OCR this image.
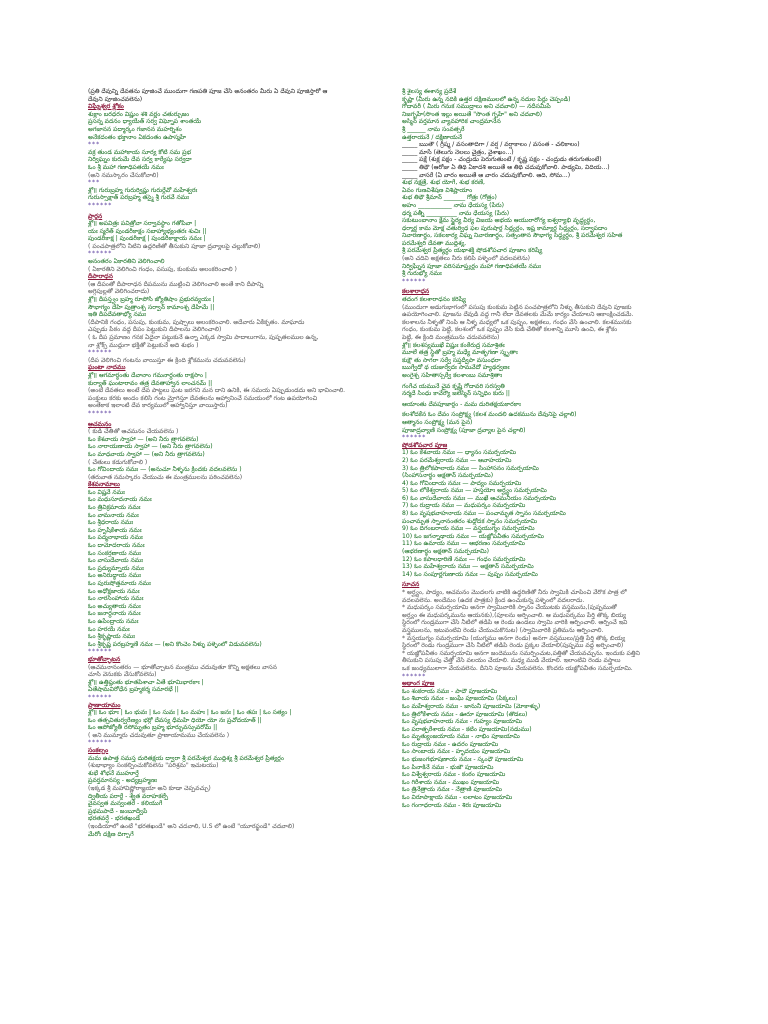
(ప్రతి దేవున్ని దేవతను పూజించే ముందుగా గణపతి పూజ చేసి అనంతరం మీరు ఏ దేవుని పూజిస్తారో ఆ
దేవుని పూజించవలెను)
విఘ్నేశ్వర శ్లోకం
శుక్లాం బరధరం విష్ణుం శశి వర్ణం చతుర్భుజం
ప్రసన్న వదనం ధ్యాయేత్ సర్వ విఘ్నోప శాంతయే
అగజానన పద్మార్కం గజానన మహర్నిశం
అనేకదంతం భక్తానాం ఏకదంతం ఉపాస్మహే
***
వక్ర తుండ మహాకాయ సూర్య కోటి సమ ప్రభ
నిర్విఘ్నం కురుమే దేవ సర్వ కార్యేషు సర్వదా
ఓం శ్రీ మహా గణాధిపతయే నమః
(అని నమస్కారం చేసుకోవాలి)
***
శ్లో॥ గురుబ్రహ్మ గురుర్విష్ణు గురుర్దేవో మహేశ్వరః
గురుస్సాక్షాత్ పరబ్రహ్మ తస్మై శ్రీ గురవే నమః
******
ప్రార్థన
శ్లో॥ అపవిత్రః పవిత్రోవా సర్వావస్థాం గతోపివా |
యః స్మరేత్ పుండరీకాక్షం సబాహ్యాభ్యంతరః శుచిః ||
పుండరీకాక్ష | పుండరీకాక్ష | పుండరీకాక్షాయ నమః |
( పంచపాత్రలోని నీటిని ఉద్ధరిణితో తీసుకుని పూజా ద్రవ్యాలపై చల్లుకోవాలి)
******
అనంతరం ఏకారతిని వెలిగించాలి
( ఏకారతిని వెలిగించి గంధం, పసుపు, కుంకుమ అలంకరించాలి )
దీపారాధన
(ఆ దీపంతో దీపారాధన దీపమును ముట్టించి వెలిగించాలి అంతే కాని దీపాన్ని
అగ్గిపుల్లతో వెలిగించరాదు)
శ్లో॥ దీపస్త్వం బ్రహ్మ రూపోసి జ్యోతిషాం ప్రభురవ్యయః |
సౌభాగ్యం దేహి పుత్రాంశ్చ సర్వాన్ కామాంశ్చ దేహిమే ||
ఇతి దీపదేవతాభ్యో నమః
(దీపానికి గంధం, పసుపు, కుంకుమ, పుష్పాలు అలంకరించాలి. అదేవారు ఏకీకృతం. మాఘాదు
ఎప్పుడు పీఠం వద్ద దీపం పెట్టుకుని దీపాలను వెలిగించాలి)
( ఓ దీప ప్రమాణం గనక ఏదైనా పట్టుకునే ఉన్నా ఎక్కడ స్వామి పాదాలుగాను, పుష్పతలముల ఉన్న,
నా శ్లోక్స్ ముద్దుగా భక్తితో పెట్టుకునే అది శుభం )
******
(దీప వెలిగించి గంటను వాయిస్తూ ఈ క్రింది శ్లోకమును చదువవలెను)
ఘంటా నాదము
శ్లో॥ ఆగమార్ధంతు దేవానాం గమనార్ధంతు రాక్షసాం |
కుర్యాత్ ఘంటారావం తత్ర దేవతాహ్వాన లాంచనమ్ ||
(అంటే దేవతలు అంటే దేవ పాట్టలు ఘట జరగని మన దాని ఉనికి, ఈ సమయ ఏప్పుడుండదు అని భావించాలి.
పంక్తులు కరకు అందం కలిసి గంట మ్రోగిస్తూ దేవతలను ఆహ్వానించే సమయంలో గంట ఉపయోగించి
అంతేకాక ఇలాంటి దేవ కార్యములో ఆహ్వానిస్తూ వాయిస్తారు)
******
ఆచమనం
( కుడి చేతితో ఆచమనం చేయవలెను )
ఓం కేశవాయ స్వాహా — (అని నీరు త్రాగవలెను)
ఓం నారాయణాయ స్వాహా — (అని నీరు త్రాగవలెను)
ఓం మాధవాయ స్వాహా — (అని నీరు త్రాగవలెను)
( చేతులు కడుగుకోవాలి )
ఓం గోవిందాయ నమః — (అనుచూ నీళ్ళను క్రిందకు వదలవలెను )
(తరువాత నమస్కారం చేయుచు ఈ మంత్రములను పఠించవలెను)
కేశవనామాలు
ఓం విష్ణవే నమః
ఓం మధుసూదనాయ నమః
ఓం త్రివిక్రమాయ నమః
ఓం వామనాయ నమః
ఓం శ్రీధరాయ నమః
ఓం హృషీకేశాయ నమః
ఓం పద్మనాభాయ నమః
ఓం దామోదరాయ నమః
ఓం సంకర్షణాయ నమః
ఓం వాసుదేవాయ నమః
ఓం ప్రద్యుమ్నాయ నమః
ఓం అనిరుద్ధాయ నమః
ఓం పురుషోత్తమాయ నమః
ఓం అధోక్షజాయ నమః
ఓం నారసింహాయ నమః
ఓం అచ్యుతాయ నమః
ఓం జనార్ధనాయ నమః
ఓం ఉపేంద్రాయ నమః
ఓం హరయే నమః
ఓం శ్రీకృష్ణాయ నమః
ఓం శ్రీకృష్ణ పరబ్రహ్మణే నమః — (అని కొంచెం నీళ్ళు పళ్ళెంలో విడువవలెను)
******
భూతోచ్ఛాటన
(ఆచమనానంతరం — భూతోచ్ఛాటన మంత్రము చదువుతూ కొన్ని అక్షతలు వాసన
చూసి వెనుకకు వేసుకోవలెను)
శ్లో॥ ఉత్తిష్ఠంతు భూతపిశాచా ఏతే భూమిభారకాః |
ఏతేషామవిరోధేన బ్రహ్మకర్మ సమారభే ||
******
ప్రాణాయామం
శ్లో॥ ఓం భూః | ఓం భువః | ఓం సువః | ఓం మహః | ఓం జనః | ఓం తపః | ఓం సత్యం |
ఓం తత్సవితుర్వరేణ్యం భర్గో దేవస్య ధీమహి ధియో యో నః ప్రచోదయాత్ ||
ఓం ఆపోజ్యోతీ రసోమృతం బ్రహ్మ భూర్భువస్సువరోమ్ ||
( అని ముమ్మారు చదువుతూ ప్రాణాయామము చేయవలెను )
******
సంకల్పం
మమ ఉపాత్త సమస్త దురితక్షయ ద్వారా శ్రీ పరమేశ్వర ముద్దిశ్య శ్రీ పరమేశ్వర ప్రీత్యర్థం
(శుభాభ్యాం సంకల్పించుకోవలెను "పరిశ్రమ" ఇచుటయు)
శుభే శోభనే ముహూర్తే
ప్రవర్తమానస్య - అద్యబ్రహ్మణః
(ఇక్కడ శ్రీ మహావిష్ణోరాజ్ఞయా అని కూడా చెప్పవచ్చు)
ద్వితీయ పరార్థే - శ్వేత వరాహకల్పే
వైవస్వత మన్వంతరే - కలియుగే
ప్రథమపాదే - జంబూద్వీపే
భరతవర్షే - భరతఖండే
(ఇండియాలో ఉంటే "భరతఖండే" అని చదవాలి, U.S లో ఉంటే "యూరప్ఖండే" చదవాలి)
మేరోః దక్షిణ దిగ్భాగే
శ్రీ శైలస్య ఈశాన్య ప్రదేశే
కృష్ణా (మీరు ఉన్న నదికి ఉత్తర దక్షిణములలో ఉన్న నదుల పేర్లు చెప్పండి)
గోదావరీ ( మీరు గనుక సముద్రాలు అని చదవాలి) — నదీసమీపే
నిజగృహే(సొంత ఇల్లు అయితే "సొంత గృహే" అని చదవాలి)
అస్మిన్ వర్తమాన వ్యావహారిక చాంద్రమానేన
శ్రీ ______ నామ సంవత్సరే
ఉత్తరాయనే / దక్షిణాయనే
_____ ఋతౌ ( గ్రీష్మ / వసంతాదిగా / వర్ష / వర్షాకాలం / వసంత - చలికాలం)
_____ మాసే (తెలుగు నెలలు చైత్రం, వైశాఖం...)
_____ పక్షే (శుక్ల పక్షం - చంద్రుడు పెరుగుతుంటే / కృష్ణ పక్షం - చంద్రుడు తరుగుతుంటే)
_____ తిథౌ (ఆరోజు ఏ తిథి ఏకాదశి అయితే ఆ తిథి చదువుకోవాలి. పాడ్యమి, విదియ...)
_____ వాసరే (ఏ వారం అయితే ఆ వారం చదువుకోవాలి. ఆది, సోమ...)
శుభ నక్షత్రే, శుభ యోగే, శుభ కరణే,
ఏవం గుణవిశేషణ విశిష్టాయాం
శుభ తిథౌ శ్రీమాన్ _______ గోత్రః (గోత్రం)
అహం ___________ నామ ధేయస్య (పేరు)
ధర్మ పత్నీ __________ నామ ధేయస్య (పేరు)
సకుటుంబానాం క్షేమ స్థైర్య వీర్య విజయ అభయ ఆయురారోగ్య ఐశ్వర్యాభి వృద్ధ్యర్థం,
ధర్మార్థ కామ మోక్ష చతుర్విధ ఫల పురుషార్థ సిద్ధ్యర్థం, ఇష్ట కామ్యార్థ సిద్ధ్యర్థం, సర్వాపదాం
నివారణార్థం, సకలకార్య విఘ్న నివారణార్థం, సత్సంతాన సౌభాగ్య సిద్ధ్యర్థం, శ్రీ పరమేశ్వర సహిత
పరమేశ్వరి దేవతా ముద్దిశ్య,
శ్రీ పరమేశ్వర ప్రీత్యర్థం యథాశక్తి షోడశోపచార పూజాం కరిష్యే
(అని చదివి అక్షతలు నీరు కలిపి పళ్ళెంలో వదలవలెను)
నిర్విఘ్నేన పూజా పరిసమాప్త్యర్థం మహా గణాధిపతయే నమః
శ్రీ గురుభ్యో నమః
******
కలశారాధన
తదంగ కలశారాధనం కరిష్యే
(ముందుగా అడుగుభాగంలో పసుపు కుంకుమ పెట్టిన పంచపాత్రలోని నీళ్ళు తీసుకుని దేవుని పూజకు
ఉపయోగించాలి. పూజను దేవుడి వద్ద గానీ లేదా దేవతలకు మేమే కార్యం చేయాలని ఆకాంక్షించడమే.
కలశాలను నీళ్ళతో నింపి ఆ నీళ్ళ మధ్యలో ఒక పుష్పం, అక్షతలు, గంధం వేసి ఉంచాలి. కలశమునకు
గంధం, కుంకుమ పెట్టి, కలశంలో ఒక పుష్పం వేసి కుడి చేతితో కలశాన్ని మూసి ఉంచి, ఈ శ్లోకం
పెట్టి, ఈ క్రింది మంత్రమును చదువవలెను)
శ్లో॥ కలశస్యముఖే విష్ణుః కంఠేరుద్ర సమాశ్రితః
మూలే తత్ర స్థితో బ్రహ్మ మధ్యే మాతృగణా స్మృతాః
కుక్షౌ తు సాగరా సర్వే సప్తద్వీపా వసుంధరా
ఋగ్వేదో థ యజుర్వేదః సామవేదో హ్యథర్వణః
అంగైశ్చ సహితాస్సర్వే కలశాంబు సమాశ్రితాః
గంగేచ యమునే చైవ కృష్ణే గోదావరి సరస్వతి
నర్మదే సింధు కావేర్యౌ జలేస్మిన్ సన్నిధిం కురు ||
ఆయాంతు దేవపూజార్థం - మమ దురితక్షయకారకాః
కలశోదకేన ఓం దేవం సంప్రోక్ష్య (కలశ మందలి ఉదకమును దేవునిపై చల్లాలి)
ఆత్మానం సంప్రోక్ష్య (మన పైన)
పూజాద్రవ్యాణి సంప్రోక్ష్య (పూజా ద్రవ్యాల పైన చల్లాలి)
******
షోడశోపచార పూజ
1) ఓం కేశవాయ నమః — ధ్యానం సమర్పయామి
2) ఓం పరమేశ్వరాయ నమః — ఆవాహయామి
3) ఓం త్రిలోకపాలాయ నమః — సింహాసనం సమర్పయామి
(సింహాసనార్థం అక్షతాన్ సమర్పయామి)
4) ఓం గోవిందాయ నమః — పాద్యం సమర్పయామి
5) ఓం లోకేశ్వరాయ నమః — హస్తయోః అర్ఘ్యం సమర్పయామి
6) ఓం వాసుదేవాయ నమః — ముఖే ఆచమనీయం సమర్పయామి
7) ఓం రుద్రాయ నమః — మధుపర్కం సమర్పయామి
8) ఓం వృషభవాహనాయ నమః — పంచామృత స్నానం సమర్పయామి
పంచామృత స్నానానంతరం శుద్ధోదక స్నానం సమర్పయామి
9) ఓం దిగంబరాయ నమః — వస్త్రయుగ్మం సమర్పయామి
10) ఓం జగన్నాథాయ నమః — యజ్ఞోపవీతం సమర్పయామి
11) ఓం ఉమాయ నమః — ఆభరణం సమర్పయామి
(ఆభరణార్థం అక్షతాన్ సమర్పయామి)
12) ఓం కపాలధారిణే నమః — గంధం సమర్పయామి
13) ఓం మహేశ్వరాయ నమః — అక్షతాన్ సమర్పయామి
14) ఓం సంపూర్ణగుణాయ నమః — పుష్పం సమర్పయామి
సూచన
* అర్ఘ్యం, పాద్యం, ఆచమనం మొదలగు వాటికి ఉద్ధరిణితో నీరు స్వామికి చూపించి వేరొక పాత్ర లో
వదలవలెను. అందేమం (ఉదక పాత్రకు) క్రింద ఉంచుకున్న పళ్ళెంలో వదలరాదు.
* మధుపర్కం సమర్పయామి అనగా స్వామివారికి స్నానం చేయుటకు వస్త్రమును,(పుష్పముతో
అర్ఘ్యం ఈ మధుపర్కమును ఆయనకు),(పూలను అర్పించాలి. ఆ మధుపర్కము పేర్తి తొక్క బియ్య
స్థిరంలో గుండ్రముగా చేసి నీటిలో తడిపి ఆ రెండు ఉండలు స్వామి వారికి ఆర్పించాలి. ఆర్పించే ఇవి
వస్త్రములను, ఇటువంటివి రెండు చేయుచుకొనుట) (స్వామివారికి ప్రతిమను ఆర్పించాలి.
* వస్త్రయుగ్మం సమర్పయామి (యుగ్మము అనగా రెండు) అనగా వస్త్రములు/ప్రత్తి పేర్తి తొక్క బియ్య
స్థిరంలో రెండు గుండ్రముగా చేసి నీటిలో తడిపి రెండు ప్రక్కల వేయాలి(పుష్పము వద్ద అర్పించాలి)
* యజ్ఞోపవీతం సమర్పయామి అనగా జందెమును సమర్పించుట,పత్తితో చేయవచ్చును. ఇందుకు పత్తిని
తీసుకుని పసుపు చేత్తో వేసి వలయం చేయాలి. మధ్య ముడి వేయాలి. ఇలాంటివి రెండు వస్త్రాలు
ఒక జంధ్యములాగా వేయవలెను. దీనిని పూజను చేయవలెను. కొందరు యజ్ఞోపవీతం సమర్పయామి.
******
అథాంగ పూజ
ఓం శంకరాయ నమః - పాదౌ పూజయామి
ఓం శివాయ నమః - జంఘే పూజయామి (పిక్కలు)
ఓం మహేశ్వరాయ నమః - జానునీ పూజయామి (మోకాళ్ళు)
ఓం త్రిలోకేశాయ నమః - ఊరూ పూజయామి (తొడలు)
ఓం వృషభవాహనాయ నమః - గుహ్యం పూజయామి
ఓం పరాత్పరేశాయ నమః - కటిం పూజయామి(నడుము)
ఓం మృత్యుంజయాయ నమః - నాభిం పూజయామి
ఓం రుద్రాయ నమః - ఉదరం పూజయామి
ఓం సాంబాయ నమః - హృదయం పూజయామి
ఓం భుజంగభూషణాయ నమః - స్కంధౌ పూజయామి
ఓం పినాకినే నమః - భుజౌ పూజయామి
ఓం విశ్వేశ్వరాయ నమః - కంఠం పూజయామి
ఓం గిరీశాయ నమః - ముఖం పూజయామి
ఓం త్రినేత్రాయ నమః - నేత్రాణి పూజయామి
ఓం విరూపాక్షాయ నమః - లలాటం పూజయామి
ఓం గంగాధరాయ నమః - శిరః పూజయామి
